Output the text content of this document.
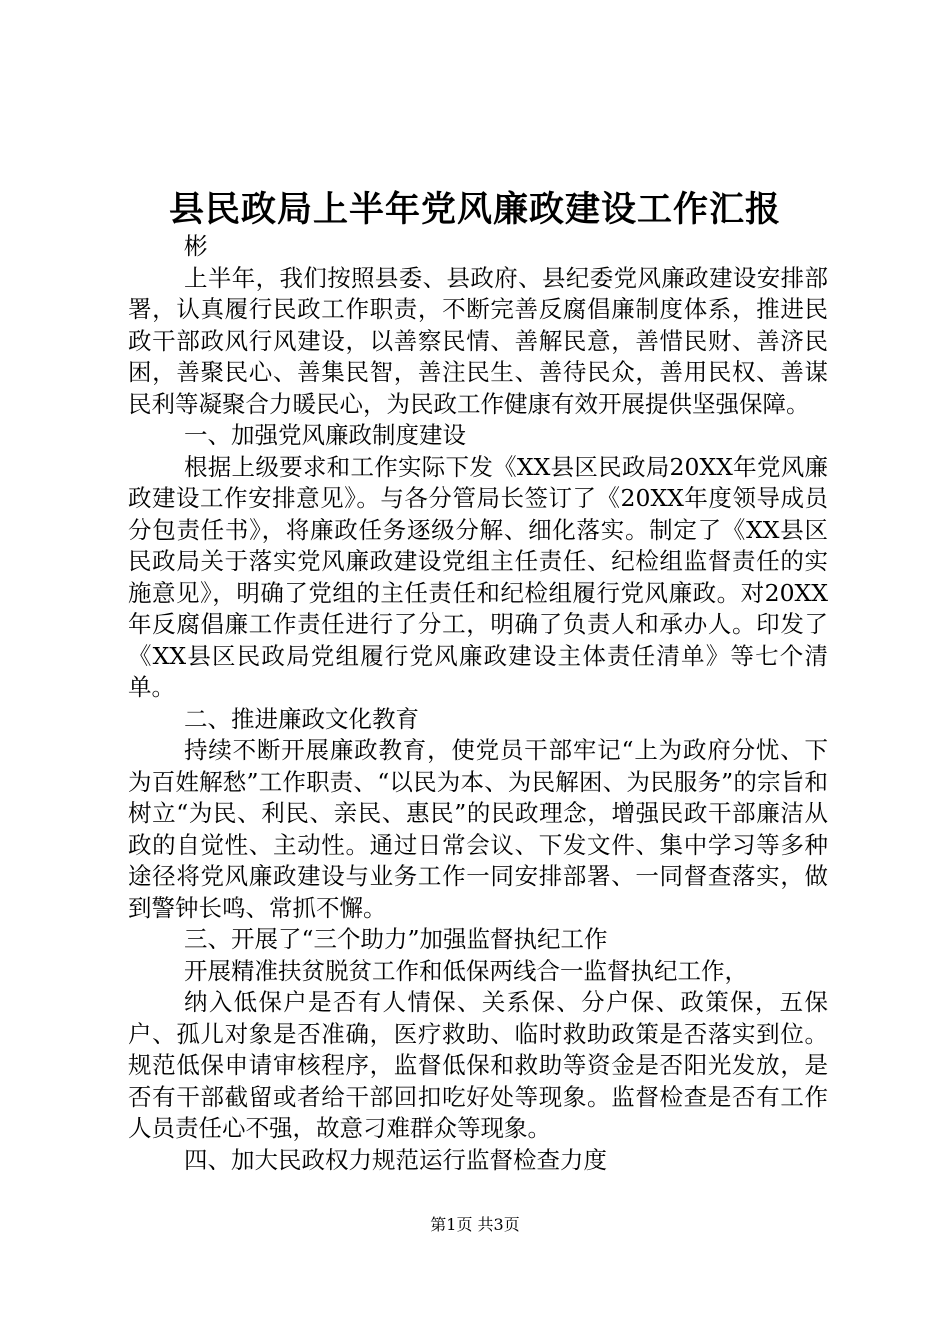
县民政局上半年党风廉政建设工作汇报

彬

上半年，我们按照县委、县政府、县纪委党风廉政建设安排部署，认真履行民政工作职责，不断完善反腐倡廉制度体系，推进民政干部政风行风建设，以善察民情、善解民意，善惜民财、善济民困，善聚民心、善集民智，善注民生、善待民众，善用民权、善谋民利等凝聚合力暖民心，为民政工作健康有效开展提供坚强保障。

一、加强党风廉政制度建设

根据上级要求和工作实际下发《XX县区民政局20XX年党风廉政建设工作安排意见》。与各分管局长签订了《20XX年度领导成员分包责任书》，将廉政任务逐级分解、细化落实。制定了《XX县区民政局关于落实党风廉政建设党组主任责任、纪检组监督责任的实施意见》，明确了党组的主任责任和纪检组履行党风廉政。对20XX年反腐倡廉工作责任进行了分工，明确了负责人和承办人。印发了《XX县区民政局党组履行党风廉政建设主体责任清单》等七个清单。

二、推进廉政文化教育

持续不断开展廉政教育，使党员干部牢记“上为政府分忧、下为百姓解愁”工作职责、“以民为本、为民解困、为民服务”的宗旨和树立“为民、利民、亲民、惠民”的民政理念，增强民政干部廉洁从政的自觉性、主动性。通过日常会议、下发文件、集中学习等多种途径将党风廉政建设与业务工作一同安排部署、一同督查落实，做到警钟长鸣、常抓不懈。

三、开展了“三个助力”加强监督执纪工作

开展精准扶贫脱贫工作和低保两线合一监督执纪工作，

纳入低保户是否有人情保、关系保、分户保、政策保，五保户、孤儿对象是否准确，医疗救助、临时救助政策是否落实到位。规范低保申请审核程序，监督低保和救助等资金是否阳光发放，是否有干部截留或者给干部回扣吃好处等现象。监督检查是否有工作人员责任心不强，故意刁难群众等现象。

四、加大民政权力规范运行监督检查力度

第1页 共3页
